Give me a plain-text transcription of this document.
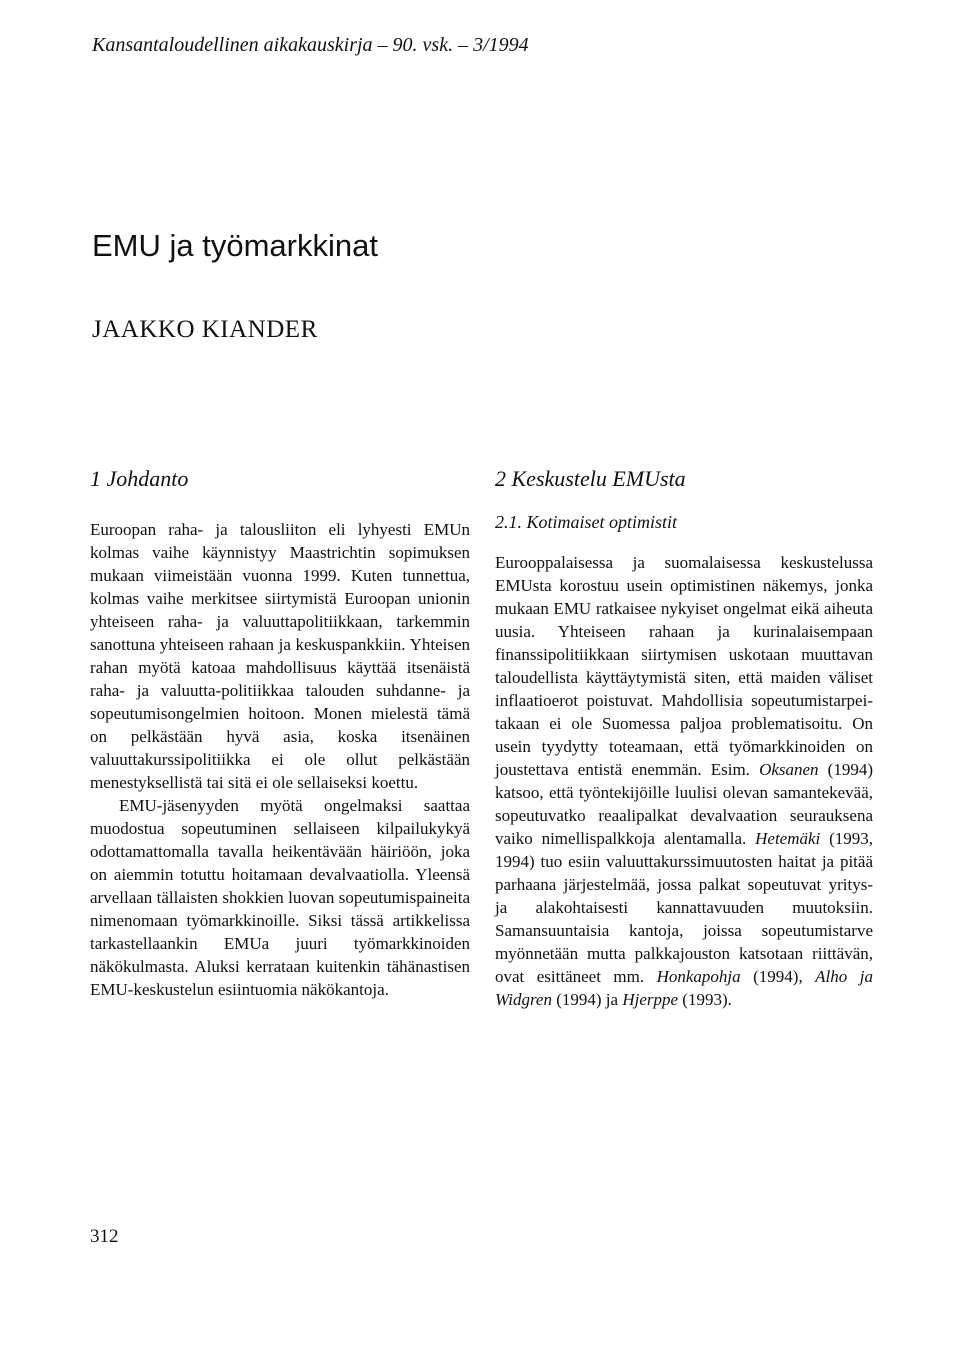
Kansantaloudellinen aikakauskirja – 90. vsk. – 3/1994
EMU ja työmarkkinat
JAAKKO KIANDER
1 Johdanto

Euroopan raha- ja talousliiton eli lyhyesti EMUn kolmas vaihe käynnistyy Maastrichtin sopimuksen mukaan viimeistään vuonna 1999. Kuten tunnettua, kolmas vaihe merkitsee siirtymistä Euroopan unionin yhteiseen raha- ja valuuttapolitiikkaan, tarkemmin sanottuna yhteiseen rahaan ja keskuspankkiin. Yhteisen rahan myötä katoaa mahdollisuus käyttää itsenäistä raha- ja valuutta-politiikkaa talouden suhdanne- ja sopeutumisongelmien hoitoon. Monen mielestä tämä on pelkästään hyvä asia, koska itsenäinen valuuttakurssipolitiikka ei ole ollut pelkästään menestyksellistä tai sitä ei ole sellaiseksi koettu.

EMU-jäsenyyden myötä ongelmaksi saattaa muodostua sopeutuminen sellaiseen kilpailukykyä odottamattomalla tavalla heikentävään häiriöön, joka on aiemmin totuttu hoitamaan devalvaatiolla. Yleensä arvellaan tällaisten shokkien luovan sopeutumispaineita nimenomaan työmarkkinoille. Siksi tässä artikkelissa tarkastellaankin EMUa juuri työmarkkinoiden näkökulmasta. Aluksi kerrataan kuitenkin tähänastisen EMU-keskustelun esiintuomia näkökantoja.

2 Keskustelu EMUsta
2.1. Kotimaiset optimistit

Eurooppalaisessa ja suomalaisessa keskustelussa EMUsta korostuu usein optimistinen näkemys, jonka mukaan EMU ratkaisee nykyiset ongelmat eikä aiheuta uusia. Yhteiseen rahaan ja kurinalaisempaan finanssipolitiikkaan siirtymisen uskotaan muuttavan taloudellista käyttäytymistä siten, että maiden väliset inflaatioerot poistuvat. Mahdollisia sopeutumistarpeitakaan ei ole Suomessa paljoa problematisoitu. On usein tyydytty toteamaan, että työmarkkinoiden on joustettava entistä enemmän. Esim. Oksanen (1994) katsoo, että työntekijöille luulisi olevan samantekevää, sopeutuvatko reaalipalkat devalvaation seurauksena vaiko nimellispalkkoja alentamalla. Hetemäki (1993, 1994) tuo esiin valuuttakurssimuutosten haitat ja pitää parhaana järjestelmää, jossa palkat sopeutuvat yritys- ja alakohtaisesti kannattavuuden muutoksiin. Samansuuntaisia kantoja, joissa sopeutumistarve myönnetään mutta palkkajouston katsotaan riittävän, ovat esittäneet mm. Honkapohja (1994), Alho ja Widgren (1994) ja Hjerppe (1993).

312
